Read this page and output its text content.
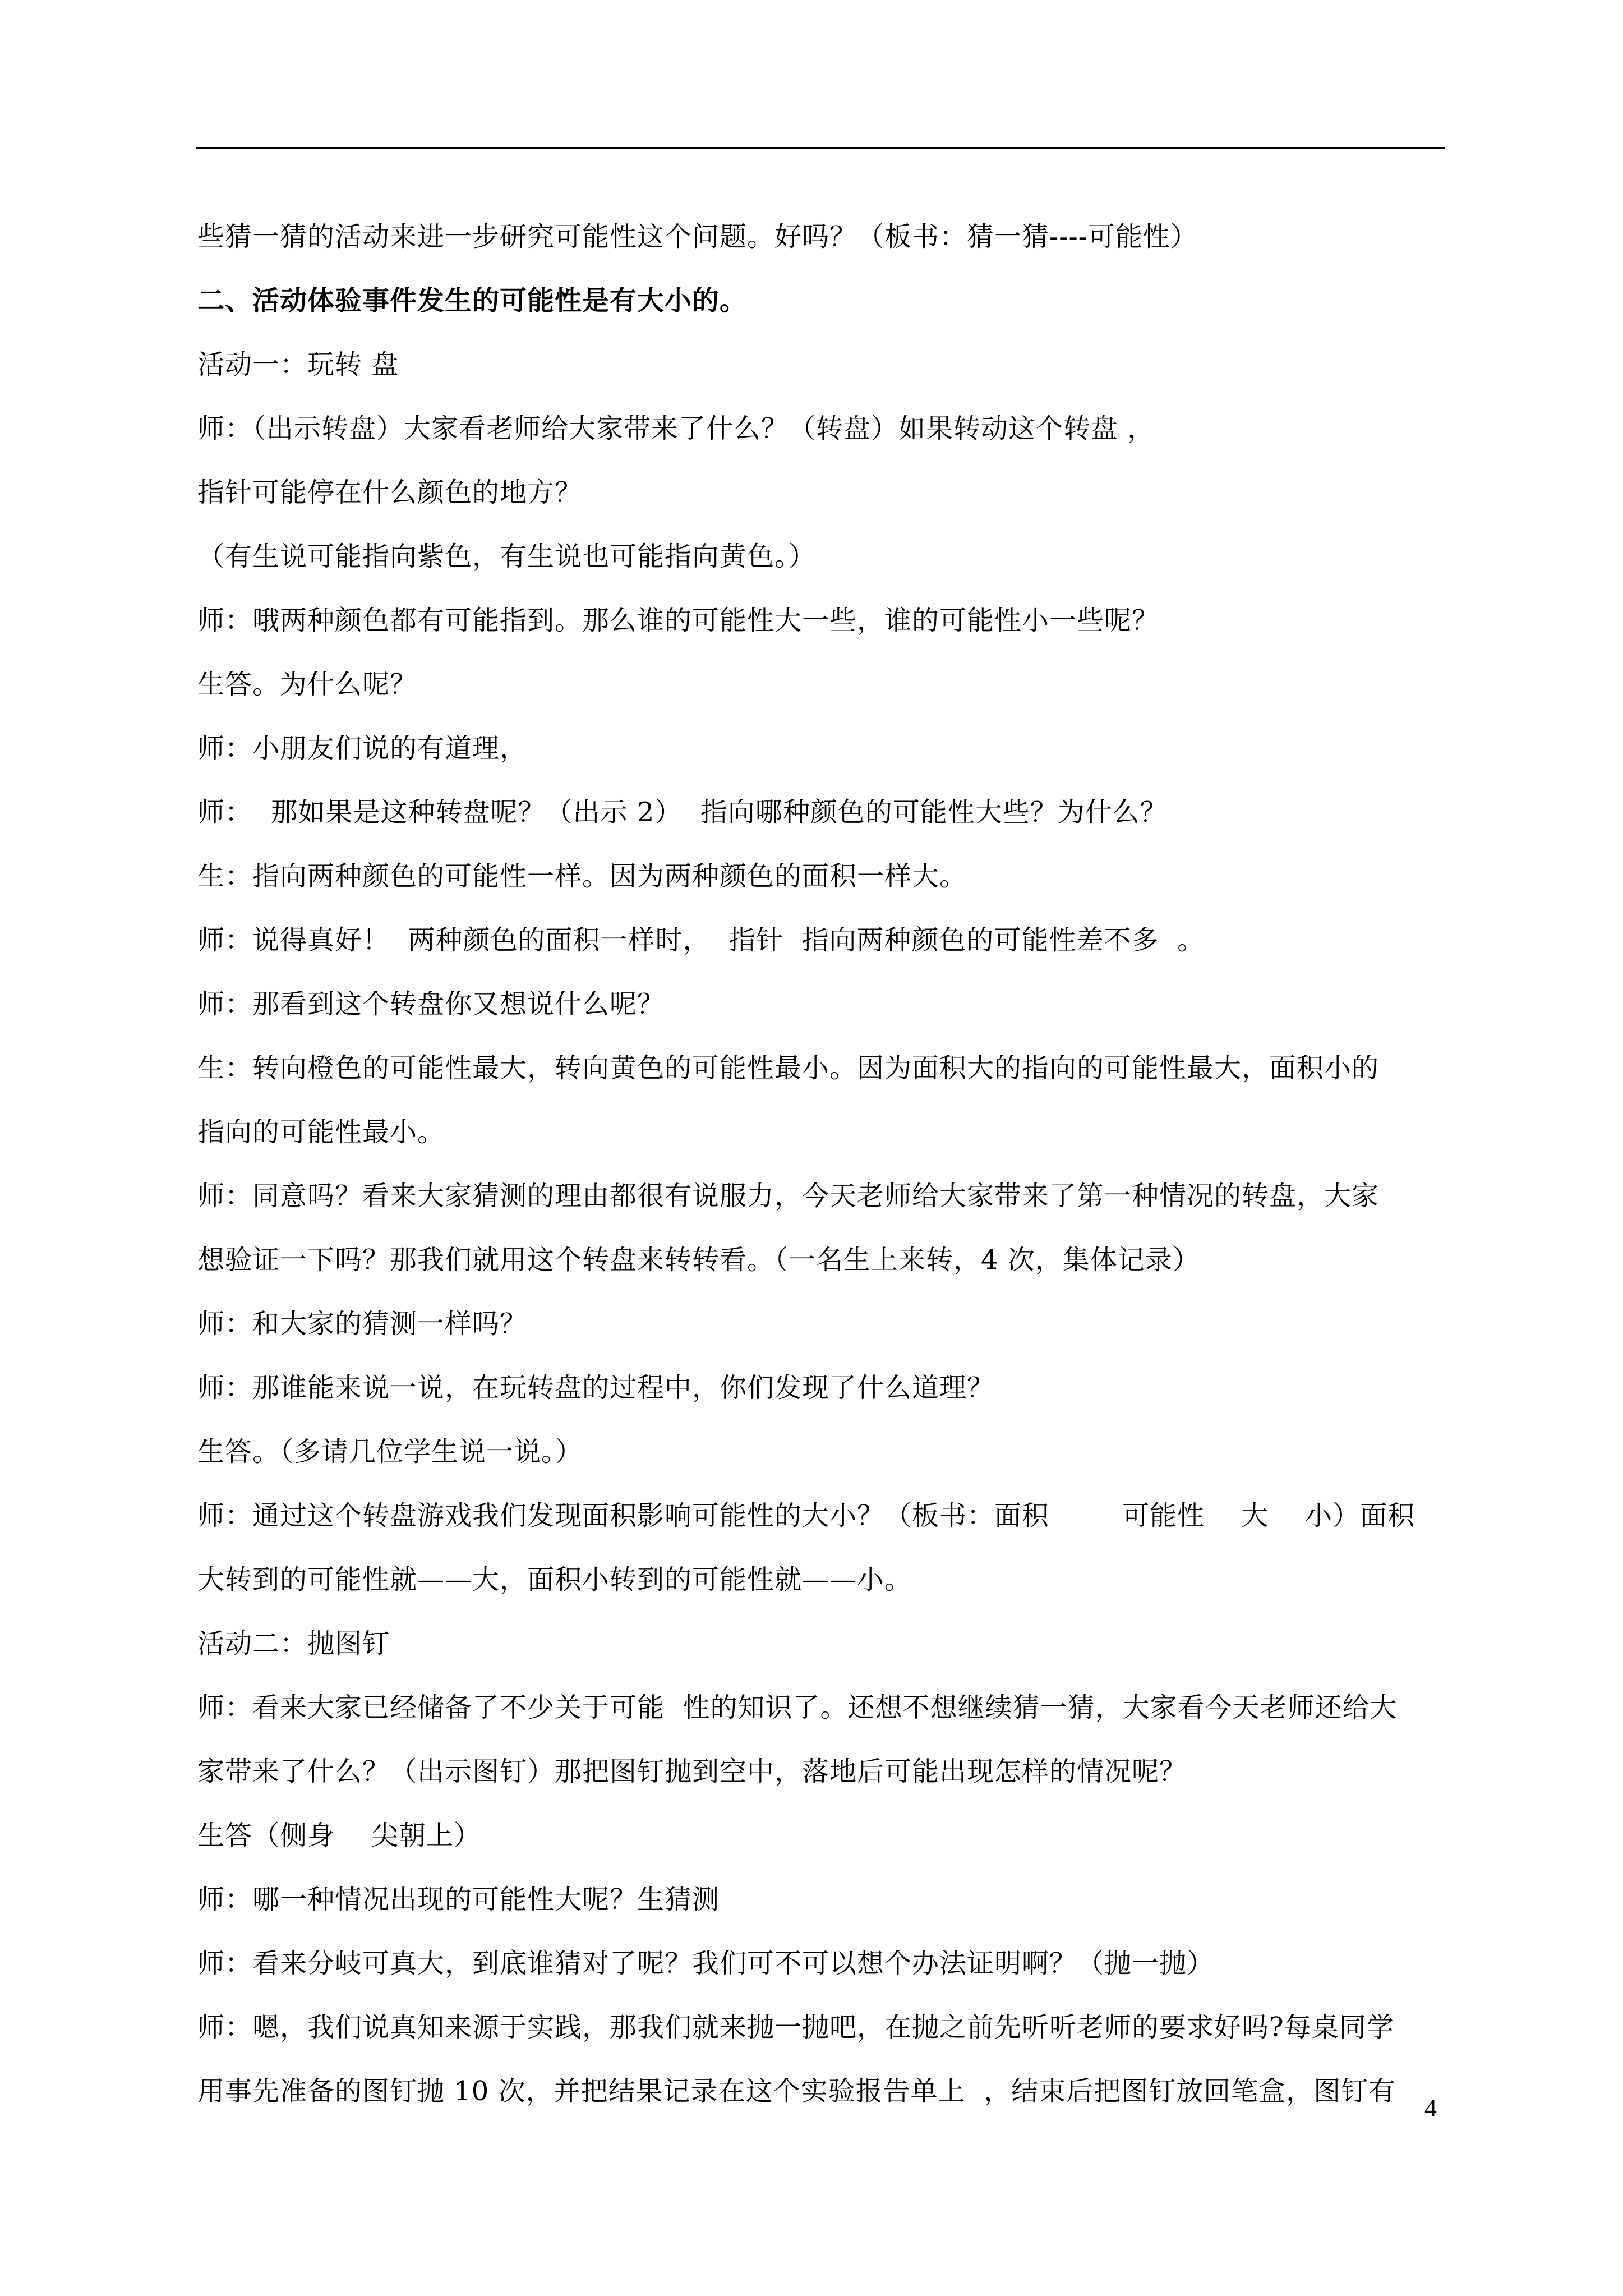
些猜一猜的活动来进一步研究可能性这个问题。好吗？（板书：猜一猜----可能性）
二、活动体验事件发生的可能性是有大小的。
活动一：玩转 盘
师：（出示转盘）大家看老师给大家带来了什么？（转盘）如果转动这个转盘 ，
指针可能停在什么颜色的地方？
（有生说可能指向紫色，有生说也可能指向黄色。）
师：哦两种颜色都有可能指到。那么谁的可能性大一些，谁的可能性小一些呢？
生答。为什么呢？
师：小朋友们说的有道理，
师：  那如果是这种转盘呢？（出示 2）  指向哪种颜色的可能性大些？为什么？
生：指向两种颜色的可能性一样。因为两种颜色的面积一样大。
师：说得真好！  两种颜色的面积一样时，  指针  指向两种颜色的可能性差不多  。
师：那看到这个转盘你又想说什么呢？
生：转向橙色的可能性最大，转向黄色的可能性最小。因为面积大的指向的可能性最大，面积小的
指向的可能性最小。
师：同意吗？看来大家猜测的理由都很有说服力，今天老师给大家带来了第一种情况的转盘，大家
想验证一下吗？那我们就用这个转盘来转转看。（一名生上来转，4 次，集体记录）
师：和大家的猜测一样吗？
师：那谁能来说一说，在玩转盘的过程中，你们发现了什么道理？
生答。（多请几位学生说一说。）
师：通过这个转盘游戏我们发现面积影响可能性的大小？（板书：面积        可能性    大    小）面积
大转到的可能性就——大，面积小转到的可能性就——小。
活动二：抛图钉
师：看来大家已经储备了不少关于可能  性的知识了。还想不想继续猜一猜，大家看今天老师还给大
家带来了什么？（出示图钉）那把图钉抛到空中，落地后可能出现怎样的情况呢？
生答（侧身    尖朝上）
师：哪一种情况出现的可能性大呢？生猜测
师：看来分岐可真大，到底谁猜对了呢？我们可不可以想个办法证明啊？（抛一抛）
师：嗯，我们说真知来源于实践，那我们就来抛一抛吧，在抛之前先听听老师的要求好吗?每桌同学
用事先准备的图钉抛 10 次，并把结果记录在这个实验报告单上  ，结束后把图钉放回笔盒，图钉有
4
